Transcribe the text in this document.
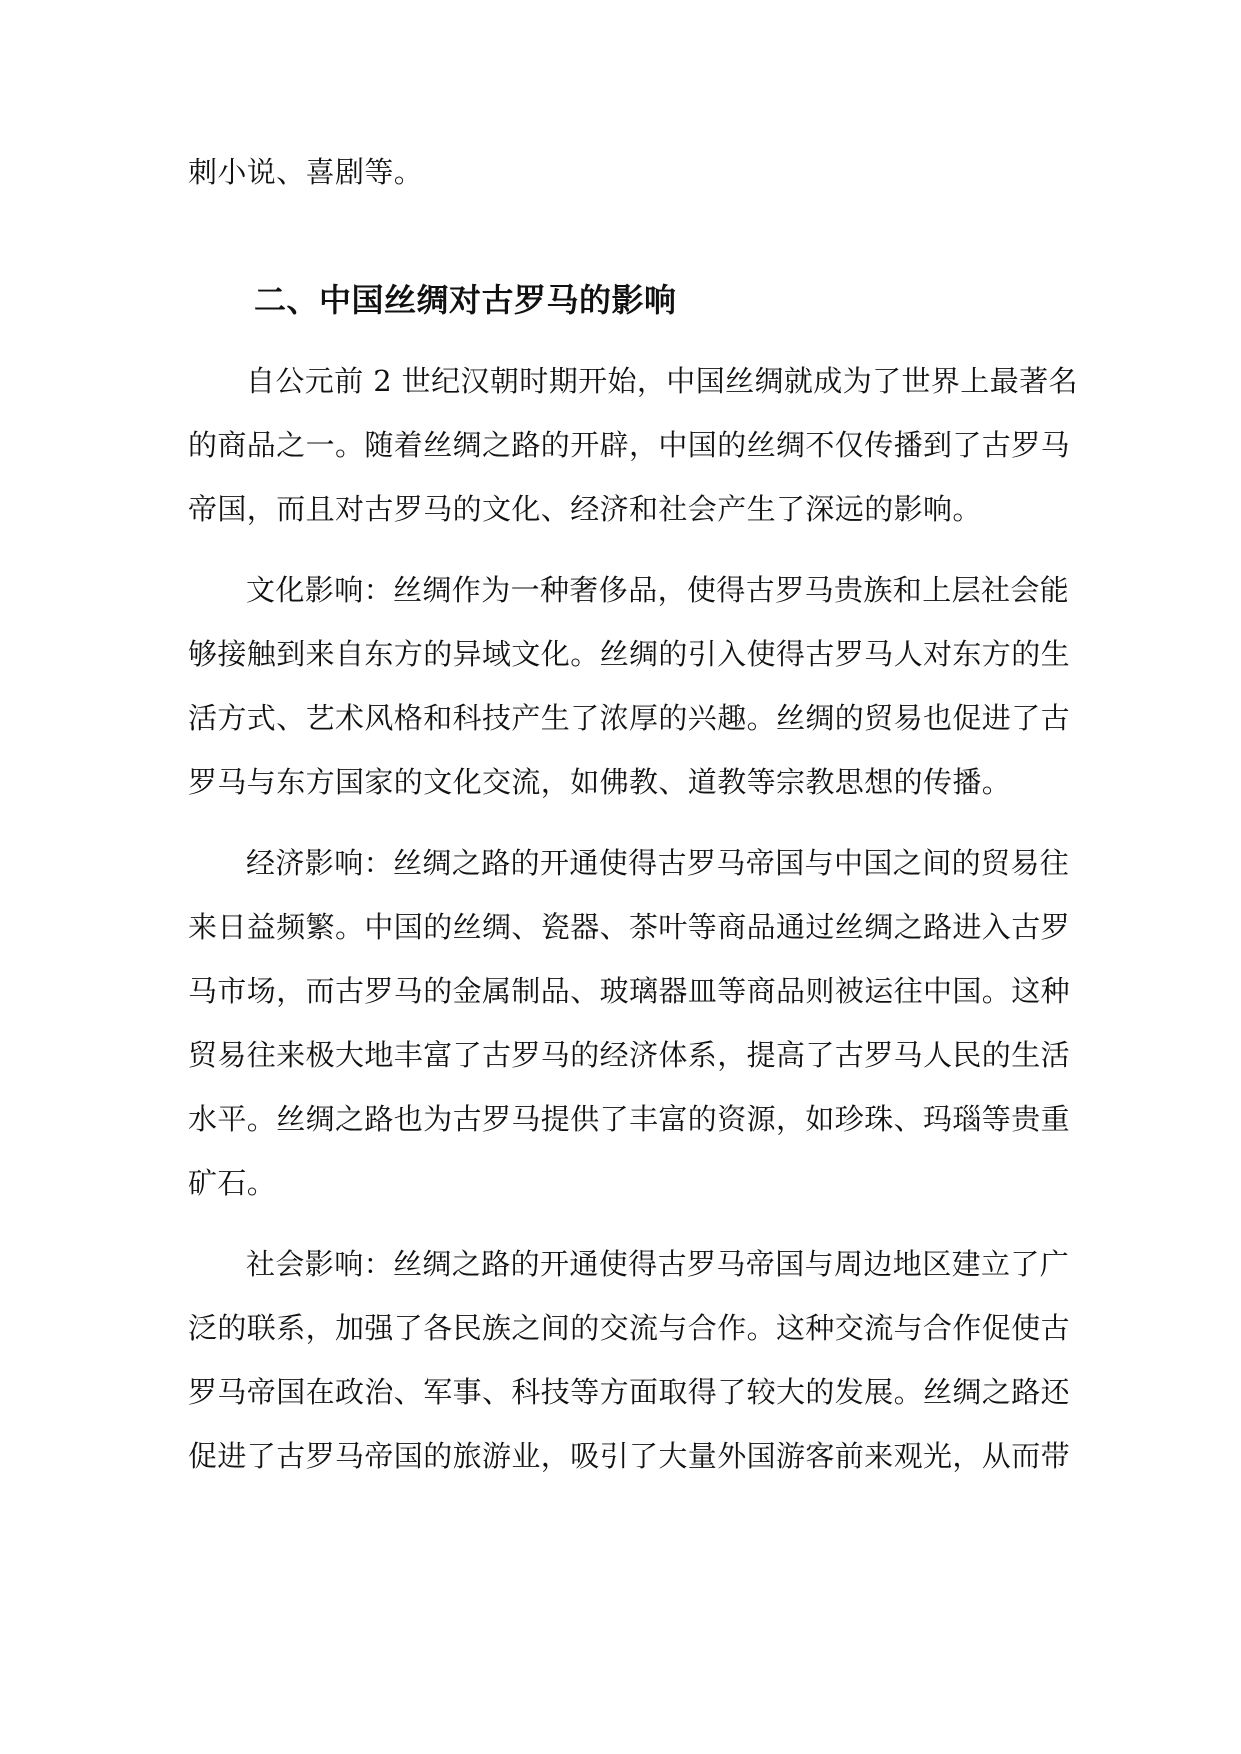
刺小说、喜剧等。
二、中国丝绸对古罗马的影响
自公元前 2 世纪汉朝时期开始，中国丝绸就成为了世界上最著名
的商品之一。随着丝绸之路的开辟，中国的丝绸不仅传播到了古罗马
帝国，而且对古罗马的文化、经济和社会产生了深远的影响。
文化影响：丝绸作为一种奢侈品，使得古罗马贵族和上层社会能
够接触到来自东方的异域文化。丝绸的引入使得古罗马人对东方的生
活方式、艺术风格和科技产生了浓厚的兴趣。丝绸的贸易也促进了古
罗马与东方国家的文化交流，如佛教、道教等宗教思想的传播。
经济影响：丝绸之路的开通使得古罗马帝国与中国之间的贸易往
来日益频繁。中国的丝绸、瓷器、茶叶等商品通过丝绸之路进入古罗
马市场，而古罗马的金属制品、玻璃器皿等商品则被运往中国。这种
贸易往来极大地丰富了古罗马的经济体系，提高了古罗马人民的生活
水平。丝绸之路也为古罗马提供了丰富的资源，如珍珠、玛瑙等贵重
矿石。
社会影响：丝绸之路的开通使得古罗马帝国与周边地区建立了广
泛的联系，加强了各民族之间的交流与合作。这种交流与合作促使古
罗马帝国在政治、军事、科技等方面取得了较大的发展。丝绸之路还
促进了古罗马帝国的旅游业，吸引了大量外国游客前来观光，从而带
